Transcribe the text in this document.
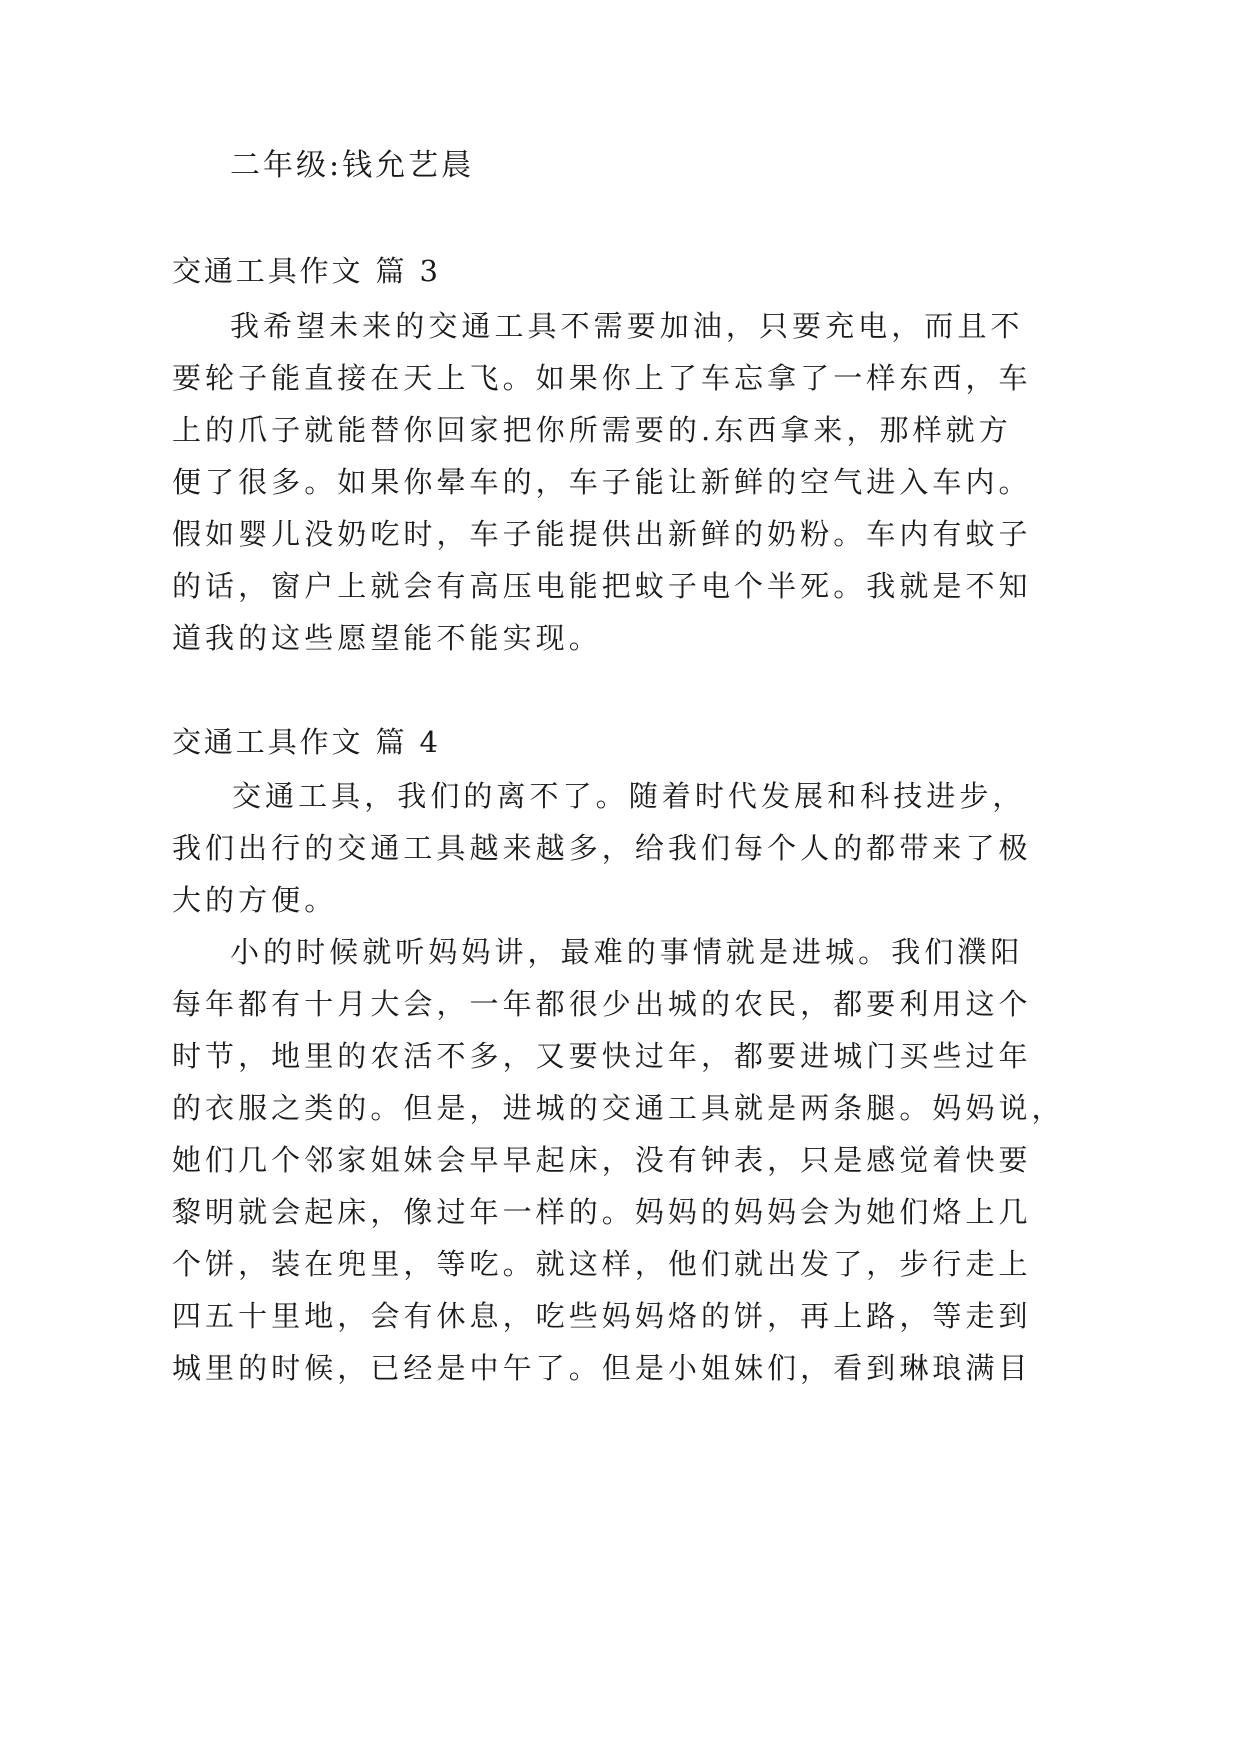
二年级:钱允艺晨

交通工具作文 篇 3

我希望未来的交通工具不需要加油，只要充电，而且不

要轮子能直接在天上飞。如果你上了车忘拿了一样东西，车

上的爪子就能替你回家把你所需要的.东西拿来，那样就方

便了很多。如果你晕车的，车子能让新鲜的空气进入车内。

假如婴儿没奶吃时，车子能提供出新鲜的奶粉。车内有蚊子

的话，窗户上就会有高压电能把蚊子电个半死。我就是不知

道我的这些愿望能不能实现。

交通工具作文 篇 4

交通工具，我们的离不了。随着时代发展和科技进步，

我们出行的交通工具越来越多，给我们每个人的都带来了极

大的方便。

小的时候就听妈妈讲，最难的事情就是进城。我们濮阳

每年都有十月大会，一年都很少出城的农民，都要利用这个

时节，地里的农活不多，又要快过年，都要进城门买些过年

的衣服之类的。但是，进城的交通工具就是两条腿。妈妈说，

她们几个邻家姐妹会早早起床，没有钟表，只是感觉着快要

黎明就会起床，像过年一样的。妈妈的妈妈会为她们烙上几

个饼，装在兜里，等吃。就这样，他们就出发了，步行走上

四五十里地，会有休息，吃些妈妈烙的饼，再上路，等走到

城里的时候，已经是中午了。但是小姐妹们，看到琳琅满目
